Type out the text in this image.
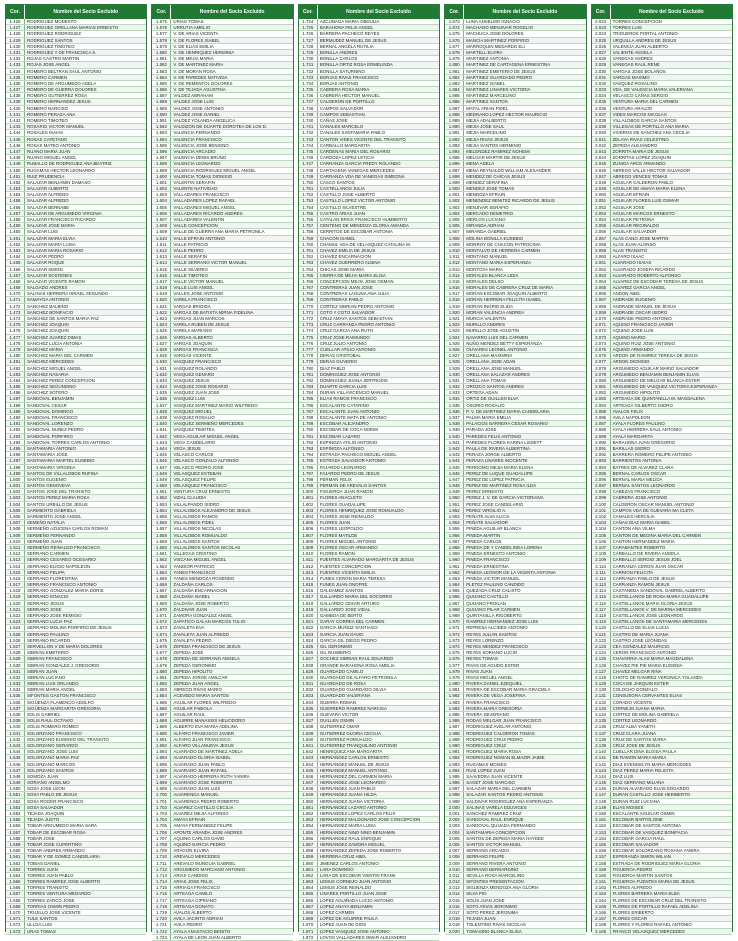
Cor.	Nombre del Socio Excluido
1.426	RODRIGUEZ MODESTO
1.427	RODRIGUEZ ORELLANA MARIAS ERNESTO
1.428	RODRIGUEZ RODRIGUEZ
1.429	RODRIGUEZ SANTOS
1.430	RODRIGUEZ TIMOTEO
1.431	RODRIGUEZ Y DE FRANCISCA S.
1.432	ROJAS CASTRO MARTIN
1.433	ROJAS JOSE ANGEL
1.434	ROMERO BELTRAN SAUL ANTONIO
1.435	ROMERO CARMEN
1.436	ROMERO DE ARGUMEDO ADELA
1.437	ROMERO DE GUERRA DOLORES
1.438	ROMERO GUTIERREZ ROSA
1.439	ROMERO HERNANDEZ JESUS
1.440	ROMERO NARCISO
1.441	ROMERO PERAZA ANA
1.442	ROMERO TIMOTEO
1.443	ROSARIO VICTOR MANUEL
1.444	ROSALES ISAIAS
1.445	ROSAS CAYETANO
1.446	ROSAS MATEO ANTONIO
1.447	RUANO MARIA JUAN
1.448	RUANO MIGUEL ANGEL
1.449	RUBALLO DE RODRIGUEZ ANA BEATRIZ
1.450	RUGAMAS HECTOR LEONARDO
1.451	RUIZ PRUDENCIA
1.452	SALAZAR BENJAMIN DAMASO
1.453	SALAZAR ALBERTO
1.454	SALAZAR ALFREDO
1.455	SALAZAR ALFREDO
1.456	SALAZAR BERNABE
1.457	SALAZAR DE ARGUMEDO VIRGINIA
1.458	SALAZAR FRANCISCO RICARDO
1.459	SALAZAR JOSE MARIA
1.460	SALAZAR LUIS
1.461	SALAZAR MARIA ELVIA
1.462	SALAZAR MARIA LUISA
1.463	SALAZAR MARIA ROSARIO
1.464	SALAZAR PEDRO
1.465	SALAZAR ROQUE
1.466	SALAZAR SIMON
1.467	SALAZAR SOSTENES
1.468	SALAZAR VICENTE RAMON
1.469	SALGADO ANDRES
1.470	SALINAS HERRERA ISRAEL SEGUNDO
1.471	SAMAYOA ANTONIO
1.472	SANCHEZ BALBINO
1.473	SANCHEZ BONIFACIO
1.474	SANCHEZ DE SANTOS MARIA PAZ
1.475	SANCHEZ JOAQUIN
1.476	SANCHEZ JOAQUIN
1.477	SANCHEZ JUAREZ DIMAS
1.478	SANCHEZ LUCIA ANTONIA
1.479	SANCHEZ MARIA
1.480	SANCHEZ MARIA DEL CARMEN
1.481	SANCHEZ MERCEDES
1.482	SANCHEZ MIGUEL ANGEL
1.483	SANCHEZ NASARIA
1.484	SANCHEZ PEREZ CONCEPCION
1.485	SANCHEZ SEGUNDINO
1.486	SANCHEZ SOTERO
1.487	SANDOVAL BENJAMIN
1.488	SANDOVAL CESAR
1.489	SANDOVAL DOMINGO
1.490	SANDOVAL FRANCISCO
1.491	SANDOVAL LORENZO
1.492	SANDOVAL NUÑEZ PEDRO
1.493	SANDOVAL PORFIRIO
1.494	SANDOVAL TORRES CARLOS ANTONIO
1.495	SANTAMARIA ANTONIO
1.496	SANTAMARIA JOSE
1.497	SANTAMARIA MARTEL EUSEBIO
1.498	SANTAMARIA VIRGINIA
1.499	SANTOS DE VILLALOBOS RUFINA
1.500	SANTOS EUGENIO
1.501	SANTOS GENOVEVA
1.502	SANTOS JOSE DEL TRANSITO
1.503	SANTOS PEREZ MARIA ROSA
1.504	SANTOS URBILLO DE JESUS
1.505	SARMIENTO GABRIELA
1.506	SARMIENTO JOSE ANGEL
1.507	SEMEÑO NATALIA
1.508	SERMEÑO AZUCENA CARLOS ROMAN
1.509	SERMEÑO FERNANDO
1.510	SERMEÑO JUAN
1.511	SERMEÑO REINALDO FRANCISCO
1.512	SERRANO CARMEN
1.513	SERRANO CESAREO OCESARIO
1.514	SERRANO ELIGIO NAPOLEON
1.515	SERRANO FELIPA
1.516	SERRANO FLORENTINA
1.517	SERRANO FRANCISCO ANTONIO
1.518	SERRANO GONZALEZ MARIA DORIS
1.519	SERRANO IGNACIO
1.520	SERRANO JESUS
1.521	SERRANO JOSE
1.522	SERRANO JOSE REMIGIO
1.523	SERRANO LUCIA PAZ
1.524	SERRANO MOLINA PORFIRIO DE JESUS
1.525	SERRANO PAULINO
1.526	SERRANO RICARDO
1.527	SERVELLON V DE MARIA DOLORES
1.528	SIBRIAN EMETERIO
1.529	SIBRIAN FRANCISCO
1.530	SIBRIAN GONZALEZ J. GREGORIO
1.531	SIBRIAN JUAN
1.532	SIBRIAN LUCIANO
1.533	SIBRIAN LUIS ORLANDO
1.534	SIBRIAN MARIA ANGEL
1.535	SIFONTES GASTON FRANCISCO
1.536	SIGÜENZA FLAMENCO ADOLFO
1.537	SIGÜENZA MARGARITA GREGORIA
1.538	SOLIS GABRIEL
1.539	SOLIS RAUL OCTAVIO
1.540	SOLIS ROMERO ROMEO
1.541	SOLORZANO FRANCISCO
1.542	SOLORZANO EUGENIO DEL TRANSITO
1.543	SOLORZANO GERARDO
1.544	SOLORZANO JOSE LUIS
1.545	SOLORZANO MARIA PAZ
1.546	SOLORZANO MARCOS
1.547	SOLORZANO SANTOS
1.548	SOMOZA JUAN
1.549	SORIANO ANSELMO
1.550	SOSA JOSE LEON
1.551	SOSA PABLO DE JESUS
1.552	SOSA ROGER FRANCISCO
1.553	SOSA SALVADOR
1.554	TEJADA JOAQUIN
1.555	TEJADA JUSTO
1.556	TOBAR ARGUMEDO MARIA SARA
1.557	TOBAR DE ESCOBAR ROSA
1.558	TOBAR JOSE
1.559	TOBAR JOSE CUPERTINO
1.560	TOBAR ANDRES ARMANDO
1.561	TOBAR Y DE GOMEZ CANDELARIA
1.562	TOBIAS DANIEL
1.563	TORRES JUAN
1.564	TORRES JUAN PABLO
1.565	TORRES RAMIREZ JOSE ALBERTO
1.566	TORRES TRANSITO
1.567	TORRES VENTURA MEDARDO
1.568	TORRES ZARCO JOSE
1.569	TORRIAS OSMIN PEDRO
1.570	TRUJILLO JOSE VICENTE
1.571	TULE SANTOS
1.572	ULLOA LUIS
1.573	URAS TOMAS
Cor.	Nombre del Socio Excluido
1.575	URIAS TOMAS
1.576	URRUTIA AMELIO
1.577	V. DE ARIAS VICENTA
1.578	V. DE FLORES ISABEL
1.579	V. DE ELIAS EMILIA
1.580	V. DE HENRIQUEZ HERMINIA
1.581	V. DE MEJIA MARIA
1.582	V. DE MARTINEZ MARIA
1.583	V. DE MORAN ROSA
1.584	V. DE PAREDES NATIVIDA
1.585	V. DE REMENTOL DOLORES
1.586	V. DE TEJADA AGUSTINA
1.587	VALDEZ ABRAHAM
1.588	VALDEZ JOSE LUIS
1.589	VALDEZ JOSE ANTONIO
1.590	VALDEZ JOSE DANIEL
1.591	VALDEZ YOLANDA ANGELICA
1.592	VALDIZON DE DUARTE DOROTEA DE LOS D.
1.593	VALENCIA FERNANDO
1.594	VALENCIA FRANCISCO
1.595	VALENCIA JOSE BENIGNO
1.596	VALENCIA ARCADIO
1.597	VALENCIA DENIS BRUNO
1.598	VALENCIA LEONARDO
1.599	VALENCIA RODRIGUEZ MIGUEL ANGEL
1.600	VALENCIA TOMAS DIONISIO
1.601	VALENTIN SERAFIN
1.602	VALENTE NATIVIDAD
1.603	VALLADARES FRANCISCO
1.604	VALLADARES LOPEZ RAFAEL
1.605	VALLADARES MIGUEL ANGEL
1.606	VALLADARES RICARDO ANDRES
1.607	VALLADARES VALENTIN
1.608	VALLE CONCEPCION
1.609	VALLE DE GUERRA ANA MARIA PETRONILA
1.610	VALLE EFRAIN ANTONIO
1.611	VALLE PATRICIO
1.612	VALLE PEDRO
1.613	VALLE SERAFIN
1.614	VALLE SERRANO VICTOR MANUEL
1.615	VALLE SILVERIO
1.616	VALLE TIMOTEO
1.617	VALLE VICTOR MANUEL
1.618	VALLE LUIS ANGEL
1.619	VALLES JOSE ANTONIO
1.620	VARELA FRANCISCO
1.621	VARGAS BRIGIDA
1.622	VARGAS DE BATISTA MIRNA FIDELINA
1.623	VARGAS JUAN MARCOS
1.624	VARELA RUBEN DE JESUS
1.625	VARELA MARIANO
1.626	VARGAS ALBERTO
1.627	VARGAS JOAQUIN
1.628	VARGAS FRANCISCA
1.629	VARGAS VICENTE
1.630	VASQUEZ FRANCISCO
1.631	VASQUEZ ROLANDO
1.632	VASQUEZ GENARO
1.633	VASQUEZ JESUS
1.634	VASQUEZ JOSE ROSARIO
1.635	VASQUEZ JUAN JOSE
1.636	VASQUEZ LUIS
1.637	VASQUEZ MARTINEZ MARIO WILFREDO
1.638	VASQUEZ MIGUEL
1.639	VASQUEZ ROSALIO
1.640	VASQUEZ SERMEÑO MERCEDES
1.641	VASQUEZ TIMOTEA
1.642	VEGA AGUILAR MIGUEL ANGEL
1.643	VEGA CANDELARIO
1.644	VEGA JESUS
1.645	VELASCO CARLOS
1.646	VELASCO GONZALO ALFONSO
1.647	VELASCO PEDRO JOSE
1.648	VELASQUEZ ESTEBAN
1.649	VELASQUEZ FELIPE
1.650	VELASQUEZ FRANCISCO
1.651	VENTURA CRUZ ERNESTO
1.652	VIDAL CLAUDIA
1.653	VILLALPANDO ISIDRO
1.654	VILLALOBOS ALEJANDRO DE JESUS
1.655	VILLALOBOS RAMOS
1.656	VILLALOBOS FIDEL
1.657	VILLALOBOS NICOLAS
1.658	VILLALOBOS ROMUALDO
1.659	VILLALOBOS SANTOS
1.660	VILLALOBOS SANTOS NICOLAS
1.661	VILLEGAS CRISTINO
1.662	VISCANA MIGUEL ANGEL
1.663	YANDIOR PATRICIO
1.664	YANES FRANCISCO
1.665	YANES MENDOZA ROSENDO
1.666	ZALDAÑA CARLOS
1.667	ZALDAÑA ENCARNACION
1.668	ZALDAÑA ISABEL
1.669	ZALDAÑA JOSE ROBERTO
1.670	ZALDIVAR JUAN
1.671	ZAMORA GONZALEZ ANGEL
1.672	ZAPATICO GALAN MARCOS TULIO
1.673	ZAVALETA EVA
1.674	ZAVALETA JUAN ALFREDO
1.675	ZAVALETA PEDRO
1.676	ZEPEDA FRANCISCO DE JESUS
1.677	ZEPEDA JOSE
1.678	ZEPEDA DE SERRANO ANGELA
1.679	ZEPEDA GERONIMO
1.680	ZEPEDA HIPOLITO
1.681	ZEPEDA JORGE AMILCAR
1.682	ZEPEDA JUAN ANGEL
1.683	ABREGO RIVAS MARIO
1.684	ACEVEDO MARIA SANTOS
1.685	AGUILAR FLORES WILFREDO
1.686	AGUILAR FABIOLA
1.687	AGUILAR RAUL
1.688	AGUIRRE MANASSIS HELIODORO
1.689	ALBERTO EVA MARIA ADELINA
1.690	ALFARO FRANCISCO JAVIER
1.691	ALFARO JUAN FRANCISCO
1.692	ALFARO VILLANUEVA JESUS
1.693	ALVARADO DE MARTINEZ ADELA
1.694	ALVARADO GLORIA ISABEL
1.695	ALVARADO JUAN PABLO
1.696	ALVARADO JUAN RAFAEL
1.697	ALVARADO HERRERA RUTH YANIRA
1.698	ALVARADO JOSE ROBERTO
1.699	ALVARADO JUAN LUIS
1.700	ALVARENGA MANUEL
1.701	ALVARENGA PEDRO ROBERTO
1.702	ALVAREZ CASTILLO CECILIA
1.703	ALVAREZ MEJIA ALFONSO
1.704	AMAYA EFRAIN
1.705	AMAYA FERNANDEZ FELIPE
1.706	APONTE ARANDA JOSE ANDRES
1.707	AQUINO CARLOS DAVID
1.708	AQUINO GARCIA PEDRO
1.709	ARAGON ELVIRA
1.710	AREVALO MERCEDES
1.711	AREVALO MUNGUIA GABRIEL
1.712	ARGUMEDO MARCIANO ANTONIO
1.713	ARIAS CANDIDO
1.714	ARIAS JOSE FELIX
1.715	ARRIAGA FRANCISCO
1.716	ARTEAGA CAMILO
1.717	ARTEAGA CIPRIANO
1.718	ARTEAGA DONATO
1.719	AVALOS ALBERTO
1.720	AVILA JACINTO ADRIAN
1.721	AVILA PEDRO
1.722	AYALA ANASTACIO BENITO
1.723	AYALA DE LEON JUAN ALBERTO
Cor.	Nombre del Socio Excluido
1.724	AZCUNAGA MARIA OBDULIA
1.725	BARAHONA FELIX ANGEL
1.726	BARRERA PACHECO REYES
1.727	BERMUDEZ MANUEL DE JESUS
1.728	BERNAL ANGELA RUTILIA
1.729	BONILLA ANDRES
1.730	BONILLA CARLOS
1.731	BONILLA ORTIZ ROSA ERMELINDA
1.732	BONILLA SATURNINO
1.733	BORJAS RIVAS FRANCISCO
1.734	BORJAS ANTONIO
1.735	CABRERA ROSA MARIA
1.736	CABRERA HECTOR MANUEL
1.737	CALDERON DE PORTILLO
1.738	CAMPOS SALVADOR
1.739	CAMPOS SEBASTIAN
1.740	CAÑAS JOSE
1.741	CANALES MARCELO
1.742	CANALES SANTAMARIA PABLO
1.743	CANTON VIDES VICENTE DEL TRANSITO
1.744	CARBALLO MARGARITA
1.745	CARDENAS MARIA DEL ROSARIO
1.746	CARDOZA LOPEZ LETICIA
1.747	CARRANZA GARCIA FREDY ROLANDO
1.748	CARTAGENA VANEGAS MERCEDES
1.749	CARRANZA VDA DE VANEGAS SIMEONA
1.750	CASCO SANTOS
1.751	CASTELLANOS JULIA
1.752	CASTILLO JOSE ALBERTO
1.753	CASTILLO LOPEZ VICTOR ANTONIO
1.754	CASTILLO SILVESTRE
1.755	CASTRO ARIAS JUAN
1.756	CATALAN ERICK FRANCISCO HUMBERTO
1.757	CENTENO DE MENDOZA GLORIA AMANDA
1.758	CERRITOS DE ESCOBAR ANTONIA
1.759	CHACON ISABEL
1.760	CHAMUL VDA DE VELASQUEZ CATALINA M.
1.761	CHAVEZ EMILIA DE JESUS
1.762	CHAVEZ ENCARNACION
1.763	CHAVEZ GUERRERO ALBINA
1.764	CHICAS JOSE MARIA
1.765	CIERRA DE MEJIA MARIA ELISA
1.766	CONCEPCION MEJIA JOSE OSMAN
1.767	CONTRERAS JUAN JOSE
1.768	CONTRERAS LAGUNA ANA JULIA
1.769	CONTRERAS PABLO
1.770	CORTEZ SIBRIAN PEDRO ANTONIO
1.771	COTO Y COTO SALVADOR
1.772	CRUZ AMAYA SANTOS SEBASTIAN
1.773	CRUZ CARRANZA PEDRO ANTONIO
1.774	CRUZ GARCIA ANA RUTH
1.775	CRUZ JOSE RAIMUNDO
1.776	CRUZ JULIO ANTONIO
1.777	CUELLAR ATILIO ANTONIO
1.778	DERAS CRISTOBAL
1.779	DERAS OLIVERIO
1.780	DIAZ PABLO
1.781	DOMINGUEZ JOSE ANTONIO
1.782	DOMINGUEZ JUANA JERTRUDIS
1.783	DUARTE GARCIA LUIS
1.784	DURAN VILLAVICENCIO MANUEL
1.785	ELIAS RAMOS FRANCISCO
1.786	ESCALANTE CATARINO
1.787	ESCALANTE JUAN ANTONIO
1.788	ESCALANTE MATA DE ANTONIO
1.789	ESCOBAR ALEJANDRO
1.790	ESCOBAR DE COCA NOEMI
1.791	ESCOBAR LAZARO
1.792	ESPINOZA ATILIO ANTONIO
1.793	ESPINOZA ALFONSO
1.794	ESTRADA PACHECO MIGUEL ANGEL
1.795	ESTRADA SALVADOR ANTONIO
1.796	FAJARDO LEONARDO
1.797	FAJARDO PEDRO DE JESUS
1.798	FERMAN FELIX
1.799	FERMAN DE AREVALO SANTOS
1.800	FIGUEROA JUAN RAMON
1.801	FLORES ANACLETO
1.802	FLORES GUADALUPE
1.803	FLORES HENRIQUEZ JOSE ROMUALDO
1.804	FLORES JOSE REINALDO
1.805	FLORES JUAN
1.806	FLORES LEOPOLDO
1.807	FLORES MATILDE
1.808	FLORES MIGUEL ANTONIO
1.809	FLORES OSCAR ARMANDO
1.810	FLORES RAMON
1.811	FUENTES ALVARADO MARGARITA DE JESUS
1.812	FUENTES CONCEPCION
1.813	FUENTES VICENTA EMILIA
1.814	FUNES CERON MARIA TERESA
1.815	FUNES JUAN ONOFRE
1.816	GALDAMEZ SANTOS
1.817	GALLARDO MARIA DEL SOCORRO
1.818	GALLARDO CESAR ARTURO
1.819	GALLARDO JOSE VIDAL
1.820	GAMBOA DE BERTO
1.821	GARAY CORREA DEL CARMEN
1.822	GARCIA MUÑOZ SANTIAGO
1.823	GARCIA JUAN DAVID
1.824	GARCIA GIL DIEGO PEDRO
1.825	GIL GERONIMO
1.826	GIL RUSBERIO
1.827	GOCHEZ SIBRIAN RAUL EDUARDO
1.828	GRANDE BARAHONA ROSA AMELIA
1.829	GUARDADO CAMILO
1.830	GUARDADO DE ALFARO PETRONILA
1.831	GUARDADO DE ROSA
1.832	GUARDADO GUARDADO SILVIA
1.833	GUARDADO VALERIANA
1.834	GUERRA ROMAN
1.835	GUERRERO RAMIREZ NARCISA
1.836	GUEVARA VICTOR
1.837	GUILLEN OSMIN
1.838	GUTIERREZ OMAR
1.839	GUTIERREZ GLORIA CECILIA
1.840	GUTIERREZ ROMUALDO
1.841	GUTIERREZ TRANQUILINO ANTONIO
1.842	HENRIQUEZ ANA MARGARITA
1.843	HERNANDEZ CARLOS ERNESTO
1.844	HERNANDEZ MANUEL DE JESUS
1.845	HERNANDEZ MANUEL ANTONIO
1.846	HERNANDEZ DEL CARMEN MARIA
1.847	HERNANDEZ JOSE LEONARDO
1.848	HERNANDEZ JUAN PABLO
1.849	HERNANDEZ JUANA HILDA
1.850	HERNANDEZ JUANA VICTORIA
1.851	HERNANDEZ LAZARO ANTONIO
1.852	HERNANDEZ LOPEZ CARLOS FELIX
1.853	HERNANDEZ MALDONADO JOSE CONCEPCION
1.854	HERNANDEZ MARIA LUISA
1.855	HERNANDEZ NINO NINO BENJAMIN
1.856	HERNANDEZ RAUL ENRIQUE
1.857	HERNANDEZ ZAMORA MIGUEL
1.858	HERNANDEZ ZEPEDA JOSE ROBERTO
1.859	HERRERA CRUZ ABEL
1.860	JIMENEZ CARLOS ANTONIO
1.861	LARA DOMINGO
1.862	LARA DE ESCOBAR VIENTIN FRANK
1.863	LEMUS CORNEJO JUAN ANTONIO
1.864	LEMUS JOSE REINALDO
1.865	LINARES PORTILLO JUAN JOSE
1.866	LOPEZ AGUIÑADA LUCIO ANTONIO
1.867	LOPEZ ANAYA BENJAMIN
1.868	LOPEZ CARMEN
1.869	LOPEZ DE AGUIRRE PAULA
1.870	LOPEZ JUAN DE DIOS
1.871	LOPEZ VASQUEZ JOSE ANTONIO
1.872	LOVOS VALLADARES OMAR ALEJANDRO
Cor.	Nombre del Socio Excluido
1.873	LUNA ANSELMO IGNACIO
1.874	MACHADO MENJIVAR ROGELIO
1.875	MACHUCA JOSE DOLORES
1.876	MANCIA MARTINEZ PORFIRIO
1.877	MARROQUIN MEDARDO ELI
1.878	MARTELL ELVIRA
1.879	MARTINEZ ANTONIA
1.880	MARTINEZ DE CARTAGENA ERNESTINA
1.881	MARTINEZ EMETERIO DE JESUS
1.882	MARTINEZ GUARDADO PEDRO
1.883	MARTINEZ ISABEL
1.884	MARTINEZ LINARES VICTORIA
1.885	MARTINEZ MARCELINO
1.886	MARTINEZ SANTOS
1.887	MATAL ARIAN FIDEL
1.888	MEDRANO LOPEZ HECTOR MAURICIO
1.889	MEJIA ADALBERTO
1.890	MEJIA JOSE SAUL
1.891	MEJIA MARCELINO
1.892	MEJIA RIVAS JESUS
1.893	MEJIA SANTOS HERMINIO
1.894	MELENDEZ RAMIREZ NOHEMI
1.895	MELGAR MARTIR DE JESUS
1.896	MENA ADELA
1.897	MENA REYNALDO WILLIAM ALEXANDER
1.898	MENDEZ DE CHICAS JESUS
1.899	MENDEZ SERAFINA
1.900	MENDEZ JOSE TOMAS
1.901	MENDOZA EFRAIN
1.902	MENENDEZ BENITEZ RICARDO DE JESUS
1.903	MENJIVAR SERAFIO
1.904	MERCADO DEMETRIO
1.905	MERLOS LUCIANO
1.906	MIRANDA ADRIAN
1.907	MIRANDA GABRIEL
1.908	MOLINA BONILLA EUSEBIO
1.909	MONROY DE CHACON PATROCINIA
1.910	MONTALVO DE HERRERA CARMEN
1.911	MONTANO MANUEL
1.912	MONTANO MARIA ESPERANZA
1.913	MONTOYA MARIA
1.914	MORALES BLANCA LIDIA
1.915	MORALES DELSO
1.916	MORALES DE CABRERA CRUZ DE MARIA
1.917	MORAN ESCOBAR JOAQUIN ALBERTO
1.918	MORAN HERRERA FELICITA ISABEL
1.919	MORAN INGRID ELIDA
1.920	MORAN VALENCIA ANDREA
1.921	MURCIA VALENTIN
1.922	MURILLO ANDRES
1.923	MURILLO JOSE AGUSTIN
1.924	NAVARRO LUIS DEL CARMEN
1.925	NUÑO MENDEZ BETTY ESPERANZA
1.926	OLIVARES LEONEL ANTONIO
1.927	ORELLANA MAXIMINA
1.928	ORELLANA JOSE ADAN
1.929	ORELLANA JOSE MANUEL
1.930	ORELLANA SALAZAR ANDRES
1.931	ORELLANA TOMAS
1.932	OROZCO SANTOS ANDRES
1.933	ORTEGA ADAN
1.934	ORTIZ DE GUILLEN ELVA
1.935	OSORIO ROSALIO
1.936	P. V. DE MARTINEZ MARIA CANDELARIA
1.937	PALMA MARIA EMILIA
1.938	PALACIOS BARRERA CESAR ROSARIO
1.939	PARADA JOSE
1.940	PAREDES FELIX ANTONIO
1.941	PAREDES FLORES KARINA LISSETT
1.942	PAULA DE RIVERA ALBERTINA
1.943	PERAZA JORGE ALBERTO
1.944	PERAZA LINARES INOCENTE
1.945	PERDOMO MEJIA MARIA ELENA
1.946	PEREZ DE LUQUE GUADALUPE
1.947	PEREZ DE LOPEZ PATRICIA
1.948	PEREZ DE MARTINEZ ROSA ILDA
1.949	PEREZ ERNESTO
1.950	PEREZ J. V. DE GARCIA VICTORIANA
1.951	PEREZ JOSE CANDELARIO
1.952	PEREZ VIRGILIO A.
1.953	PEÑATE ALVA ALICIA
1.954	PEÑATE SALVADOR
1.955	PINEDA AGUILAR BLANCA
1.956	PINEDA MARTIN
1.957	PINEDA CARLOS
1.958	PINEDA DE Y CANDELINDA LORENA
1.959	PINEDA ERNESTO ANTONIO
1.960	PINEDA FRANCISCO
1.961	PINEDA ERNESTINA
1.962	PINEDA LEONOR DE LA VICENTA ANTONIA
1.963	PINEDA VICTOR MANUEL
1.964	PLETEZ PAULINO CANDIDO
1.965	QUEZADA CRUZ CALIXTO
1.966	QUIJANO CASTILLO
1.967	QUIJANO FROILAN
1.968	QUIJANO PILAR CARMEN
1.969	QUINTANILLA RIGOBERTO
1.970	RAMIREZ HERNANDEZ JOSE LUIS
1.971	REPRESA ALCIDES ANTONIO
1.972	REYES JULIAN SANTOS
1.973	REYES LORENZO
1.974	REYES MENDEZ FRANCISCO
1.975	REYES SORIANO LUCIO
1.976	REYES TOMAS
1.977	RIVAS DE AGUDO ESTER
1.978	RIVAS JUAN
1.979	RIVAS MIGUEL ANGEL
1.980	RIVERA DANIEL EZEQUIEL
1.981	RIVERA DE ESCOBAR MARIA GRACIELA
1.982	RIVERA DE VEGA JOSEFINA
1.983	RIVERA FRANCISCO
1.984	RIVERA MARIA GREGORIA
1.985	RIVERA SEVERIANO
1.986	RODAS MELGAR JUAN FRANCISCO
1.987	RODRIGUEZ AVELAR ANTONIO
1.988	RODRIGUEZ CALDERON TOMAS
1.989	RODRIGUEZ CRUZ PEDRO
1.990	RODRIGUEZ CRUZ
1.991	RODRIGUEZ MARIA ROSA
1.992	RODRIGUEZ NOMAN ELMAZIR JAIME
1.993	RUGAMAS MOISES
1.994	RUIZ LOPEZ JUAN
1.995	SAAVEDRA JUAN VICENTE
1.996	SAGET JOSE NARCISO
1.997	SALAZAR MARIA DEL CARMEN
1.998	SALAZAR SANTOS PEDRO ANTONIO
1.999	SALDIVAR RODRIGUEZ ANA ESPERANZA
2.000	SALINAS VARELA EDUVIGES
2.001	SANCHEZ RAMIREZ CRUZ
2.002	SANDOVAL RAUL ENRIQUE
2.003	SANDOVAL QUIJADA FERNANDO
2.004	SANTAMARIA CONCEPCION
2.005	SANTOS DE ZEPEDA MARIA HAYDEE
2.006	SANTOS VICTOR MANUEL
2.007	SERRANO ARCADIO
2.008	SERRANO FELIPE
2.009	SERRANO RIVERA ANTONIO
2.010	SERRANO BERNARDINO
2.011	SEVILLA ROSA MARCELINO
2.012	SIFONTES PRESENTACION
2.013	SIGUENZA MENDOZA ANA GLORIA
2.014	SILVA PIO
2.015	SOLIS JUAN JOSE
2.016	SOTO ARIAS JERONIMO
2.017	SOTO PEREZ JERONIMA
2.018	TEJADA JUAN
2.019	TOLENTINO RIVAS NICOLAS
2.020	TOMASINO BLANCA ELISA
Cor.	Nombre del Socio Excluido
2.022	TORRES CONCEPCION
2.023	TORRES LUIS
2.024	TRIGUEROS PORTAL ANTONIO
2.025	URQUILLA ANDRES DE JESUS
2.026	VALENCIA JUAN ALBERTO
2.027	VALIENTE ANGELA
2.028	VANEGAS ANDRES
2.029	VANEGAS RAUL RENE
2.030	VARGAS JOSE BOLAÑOS
2.031	VARGAS MAXIMO
2.032	VASQUEZ ROSALINO
2.033	VDA. DE VALENCIA MARIA VALERIANA
2.034	VELASCO CAÑAS SERGIO
2.035	VENTURA MARIA DEL CARMEN
2.036	VENTURA ARAUJO
2.037	VIDES MARCOS NICOLAS
2.038	VILLALOBOS GARCIA SANTOS
2.039	VILLEGAS DE PORTILLO ANA MARIA
2.040	VIVEROS DE SANCHEZ ANA CECILIA
2.041	ZELAYA RIVAS CELESTINO
2.042	ZEPEDA ALEJANDRO
2.043	ZORRITA MARIA DE JESUS
2.044	ZORRITAS LOPEZ JOAQUIN
2.045	ZUNIGA ARCE ARMANDO
2.046	ABREGO VALLE HECTOR SALVADOR
2.047	ABREGO VENCES TOMAS
2.048	AGUILAR CALDERON PABLO
2.049	AGUILAR DE AMAYA MARIA ELENA
2.050	AGUILAR EFRAIN
2.051	AGUILAR FLORES LUIS OSMAR
2.052	AGUILAR JOSE
2.053	AGUILAR MARCOS ERNESTO
2.054	AGUILAR PETRONA
2.055	AGUILAR REGINALDO
2.056	AGUILAR SALVADOR
2.057	ALAS CANO JOSE MARTIN
2.058	ALAS JUAN ALONSO
2.059	ALAS TRANSITO
2.060	ALFARO ISAAC
2.061	ALVARADO ISAIAS
2.062	ALVARADO JOSEFA RICARDO
2.063	ALVARADO ROBERTO ALFONSO
2.064	ALVAREZ DE ESCOBAR TERESA DE JESUS
2.065	ALVAREZ GARCIA ANGEL
2.066	ANDON ABEL
2.067	ANDRADE EUGENIO
2.068	ANDRADE MANUEL DE JESUS
2.069	ANDRADE OSCAR ISIDRO
2.070	ANDRADE PEDRO ANTONIO
2.071	AQUINO FRANCISCO JAVIER
2.072	AQUINO JOSE LUIS
2.073	AQUINO MARIO
2.074	AQUINO RUIZ JOSE ANTONIO
2.075	AQUINO ARMANDO
2.076	ARDON DE RAMIREZ TERESA DE JESUS
2.077	ARDON DIONISIO
2.078	ARGUMEDO AGUILAR MARIO SALVADOR
2.079	ARGUMEDO BENJAMIN BENJAMIN ELIAS
2.080	ARGUMEDO DE MELGAR BLANCA ESTER
2.081	ARGUMEDO DE VASQUEZ VICTORIA ESPERANZA
2.082	ARGUMEDO HIPOLITO
2.083	ARTEAGA DE QUINTANILLA M. MAGDALENA
2.084	ARTEAGA GILBERTO ISIDRO
2.085	AVALOS FELIX
2.086	AVILA NAPOLEON
2.087	AYALA FLORES PAULINO
2.088	AYALA HERRERA SAUL ANTONIO
2.089	AYALA MARGARITA
2.090	BARAHONA JUAN GREGORIO
2.091	BARILLAS ISIDRO
2.092	BARRERA ROMERO FELIPE ANTONIO
2.093	BARRIENTOS ANTONIA
2.094	BATRES DE ALVAREZ CLARA
2.095	BERNAL CARLOS OSCAR
2.096	BERNAL MARIA MELIDA
2.097	BERNAL SANTOS LEONARDO
2.098	CABEZAS FRANCISCO
2.099	CABRERA JOSE ANTONIO
2.100	CALDERON OSCAR MANUEL ANTONIO
2.101	CAMPOS VDA DE GUEVARA MA CLETA
2.102	CANALES HERCILIA
2.103	CAÑAS DIAZ MARIA ISABEL
2.104	CANTON ANA VILMA
2.105	CANTON DE MEDINA MARIA DEL CARMEN
2.106	CANTON HERNANDEZ MARIA
2.107	CARABANTES ROBERTO
2.108	CARBALLO DE RIVERA ANGELA
2.109	CARBALLO SERGIO JESUS JOEL
2.110	CARRANZA CERON JUAN OSCAR
2.111	CARRION FELICITA
2.112	CARRANZA PABLO DE JESUS
2.113	CARRANZA RAMON JESUS
2.114	CASTANEDA SANDOVAL GABRIEL ALBERTO
2.115	CASTELLANOS DE ROSA MARIA GUADALUPE
2.116	CASTELLANOS MARIA GLORIA JESUS
2.117	CASTELLANOS V. DE MARINA MERCEDES
2.118	CASTELLANOS JOSE LEONARDO
2.119	CASTELLANOS DE SANTAMARIA MERCEDES
2.120	CASTILLO DE ELIAS LUCIA
2.121	CASTRO DE MARIA JUANA
2.122	CASTRO JOSE LEONIDAS
2.123	CEA GONZALEZ MAURICIO
2.124	CERON FRANCISCO ANTONIO
2.125	CHAVARRIA ALAS MARIA MAGDALENA
2.126	CHAVEZ PIE PIE MARIA EUGENIA
2.127	CHAVEZ MELGAR RINA
2.128	CHOTO DE RAMIREZ VERONICA YOLANDA
2.129	COCA DE JARQUIN ESTER
2.130	COLOCHO GONZALO
2.131	CONSUEGRA CERVANTES ELIAS
2.132	CORADO VICENTE
2.133	CORNEJO JUANA MARIA
2.134	CORTEZ DE MOLINA GABRIELA
2.135	CORTEZ LEONARDO
2.136	CRUZ ALBA YANETH
2.137	CRUZ CLARA JUANA
2.138	CRUZ DE SANTOS MARIA
2.139	CRUZ JOSE DE JESUS
2.140	CUELLAR DINA ELOISA PAULA
2.141	DE RAMON MARIA MARIA
2.142	DIAZ EVENGELYN MARIA MERCEDES
2.143	DIAZ PEREZ MARIA FELICITA
2.144	DIAZ LUIS
2.145	DIAZ SERRANO MILIANA
2.146	DURAN ALVARADO ELVIS EDGARDO
2.147	DURAN CASTILLO JOSE HERIBERTO
2.148	DURAN RUIZ LUCIANA
2.149	ELIAS MOISES
2.150	ESCALANTE AGUILAR OSMIN
2.151	ESCOBAR BARTOLOME
2.152	ESCOBAR DE SANTOS ANTONIA
2.153	ESCOBAR DE VASQUEZ BONIFACIA
2.154	ESCOBAR GARCIA RAUL
2.155	ESCOBAR SALVADOR
2.156	ESCOBAR SOLORZANO ROXANA YANIRA
2.157	ESPERANZA SIMON WILIAN
2.158	ESTRADA DE RODRIGUEZ MARIA GLORIA
2.159	FIGUEROA PEDRO
2.160	FIGUEROA MARTIN SANTOS
2.161	FIGUEROA FUENTES MARIA DE JESUS
2.162	FLORES ALFREDO
2.163	FLORES BARRERA MARIA ELBA
2.164	FLORES DE ESCOBAR CRUZ DEL TRANSITO
2.165	FLORES DE PORTILLO RAFAEL ADELINA
2.166	FLORES ERIBERTO
2.167	FLORES OSCAR
2.168	FLORES Y FLORES RAFAEL ANTONIO
2.169	FRANCO VELASQUEZ MERCEDES
